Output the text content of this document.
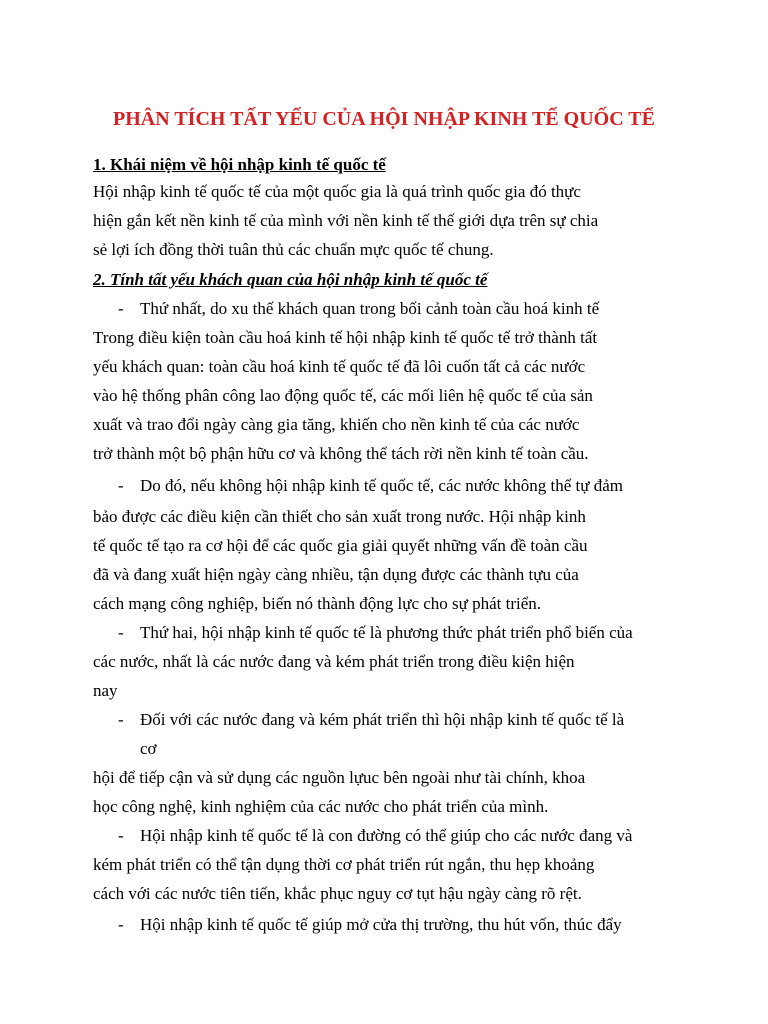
PHÂN TÍCH TẤT YẾU CỦA HỘI NHẬP KINH TẾ QUỐC TẾ
1. Khái niệm về hội nhập kinh tế quốc tế
Hội nhập kinh tế quốc tế của một quốc gia là quá trình quốc gia đó thực
hiện gắn kết nền kinh tế của mình với nền kinh tế thế giới dựa trên sự chia
sẻ lợi ích đồng thời tuân thủ các chuẩn mực quốc tế chung.
2. Tính tất yếu khách quan của hội nhập kinh tế quốc tế
- Thứ nhất, do xu thế khách quan trong bối cảnh toàn cầu hoá kinh tế
Trong điều kiện toàn cầu hoá kinh tế hội nhập kinh tế quốc tế trở thành tất
yếu khách quan: toàn cầu hoá kinh tế quốc tế đã lôi cuốn tất cả các nước
vào hệ thống phân công lao động quốc tế, các mối liên hệ quốc tế của sản
xuất và trao đổi ngày càng gia tăng, khiến cho nền kinh tế của các nước
trở thành một bộ phận hữu cơ và không thể tách rời nền kinh tế toàn cầu.
- Do đó, nếu không hội nhập kinh tế quốc tế, các nước không thể tự đảm
bảo được các điều kiện cần thiết cho sản xuất trong nước. Hội nhập kinh
tế quốc tế tạo ra cơ hội để các quốc gia giải quyết những vấn đề toàn cầu
đã và đang xuất hiện ngày càng nhiều, tận dụng được các thành tựu của
cách mạng công nghiệp, biến nó thành động lực cho sự phát triển.
- Thứ hai, hội nhập kinh tế quốc tế là phương thức phát triển phổ biến của
các nước, nhất là các nước đang và kém phát triển trong điều kiện hiện
nay
- Đối với các nước đang và kém phát triển thì hội nhập kinh tế quốc tế là
cơ
hội để tiếp cận và sử dụng các nguồn lựuc bên ngoài như tài chính, khoa
học công nghệ, kinh nghiệm của các nước cho phát triển của mình.
- Hội nhập kinh tế quốc tế là con đường có thể giúp cho các nước đang và
kém phát triển có thể tận dụng thời cơ phát triển rút ngắn, thu hẹp khoảng
cách với các nước tiên tiến, khắc phục nguy cơ tụt hậu ngày càng rõ rệt.
- Hội nhập kinh tế quốc tế giúp mở cửa thị trường, thu hút vốn, thúc đẩy
